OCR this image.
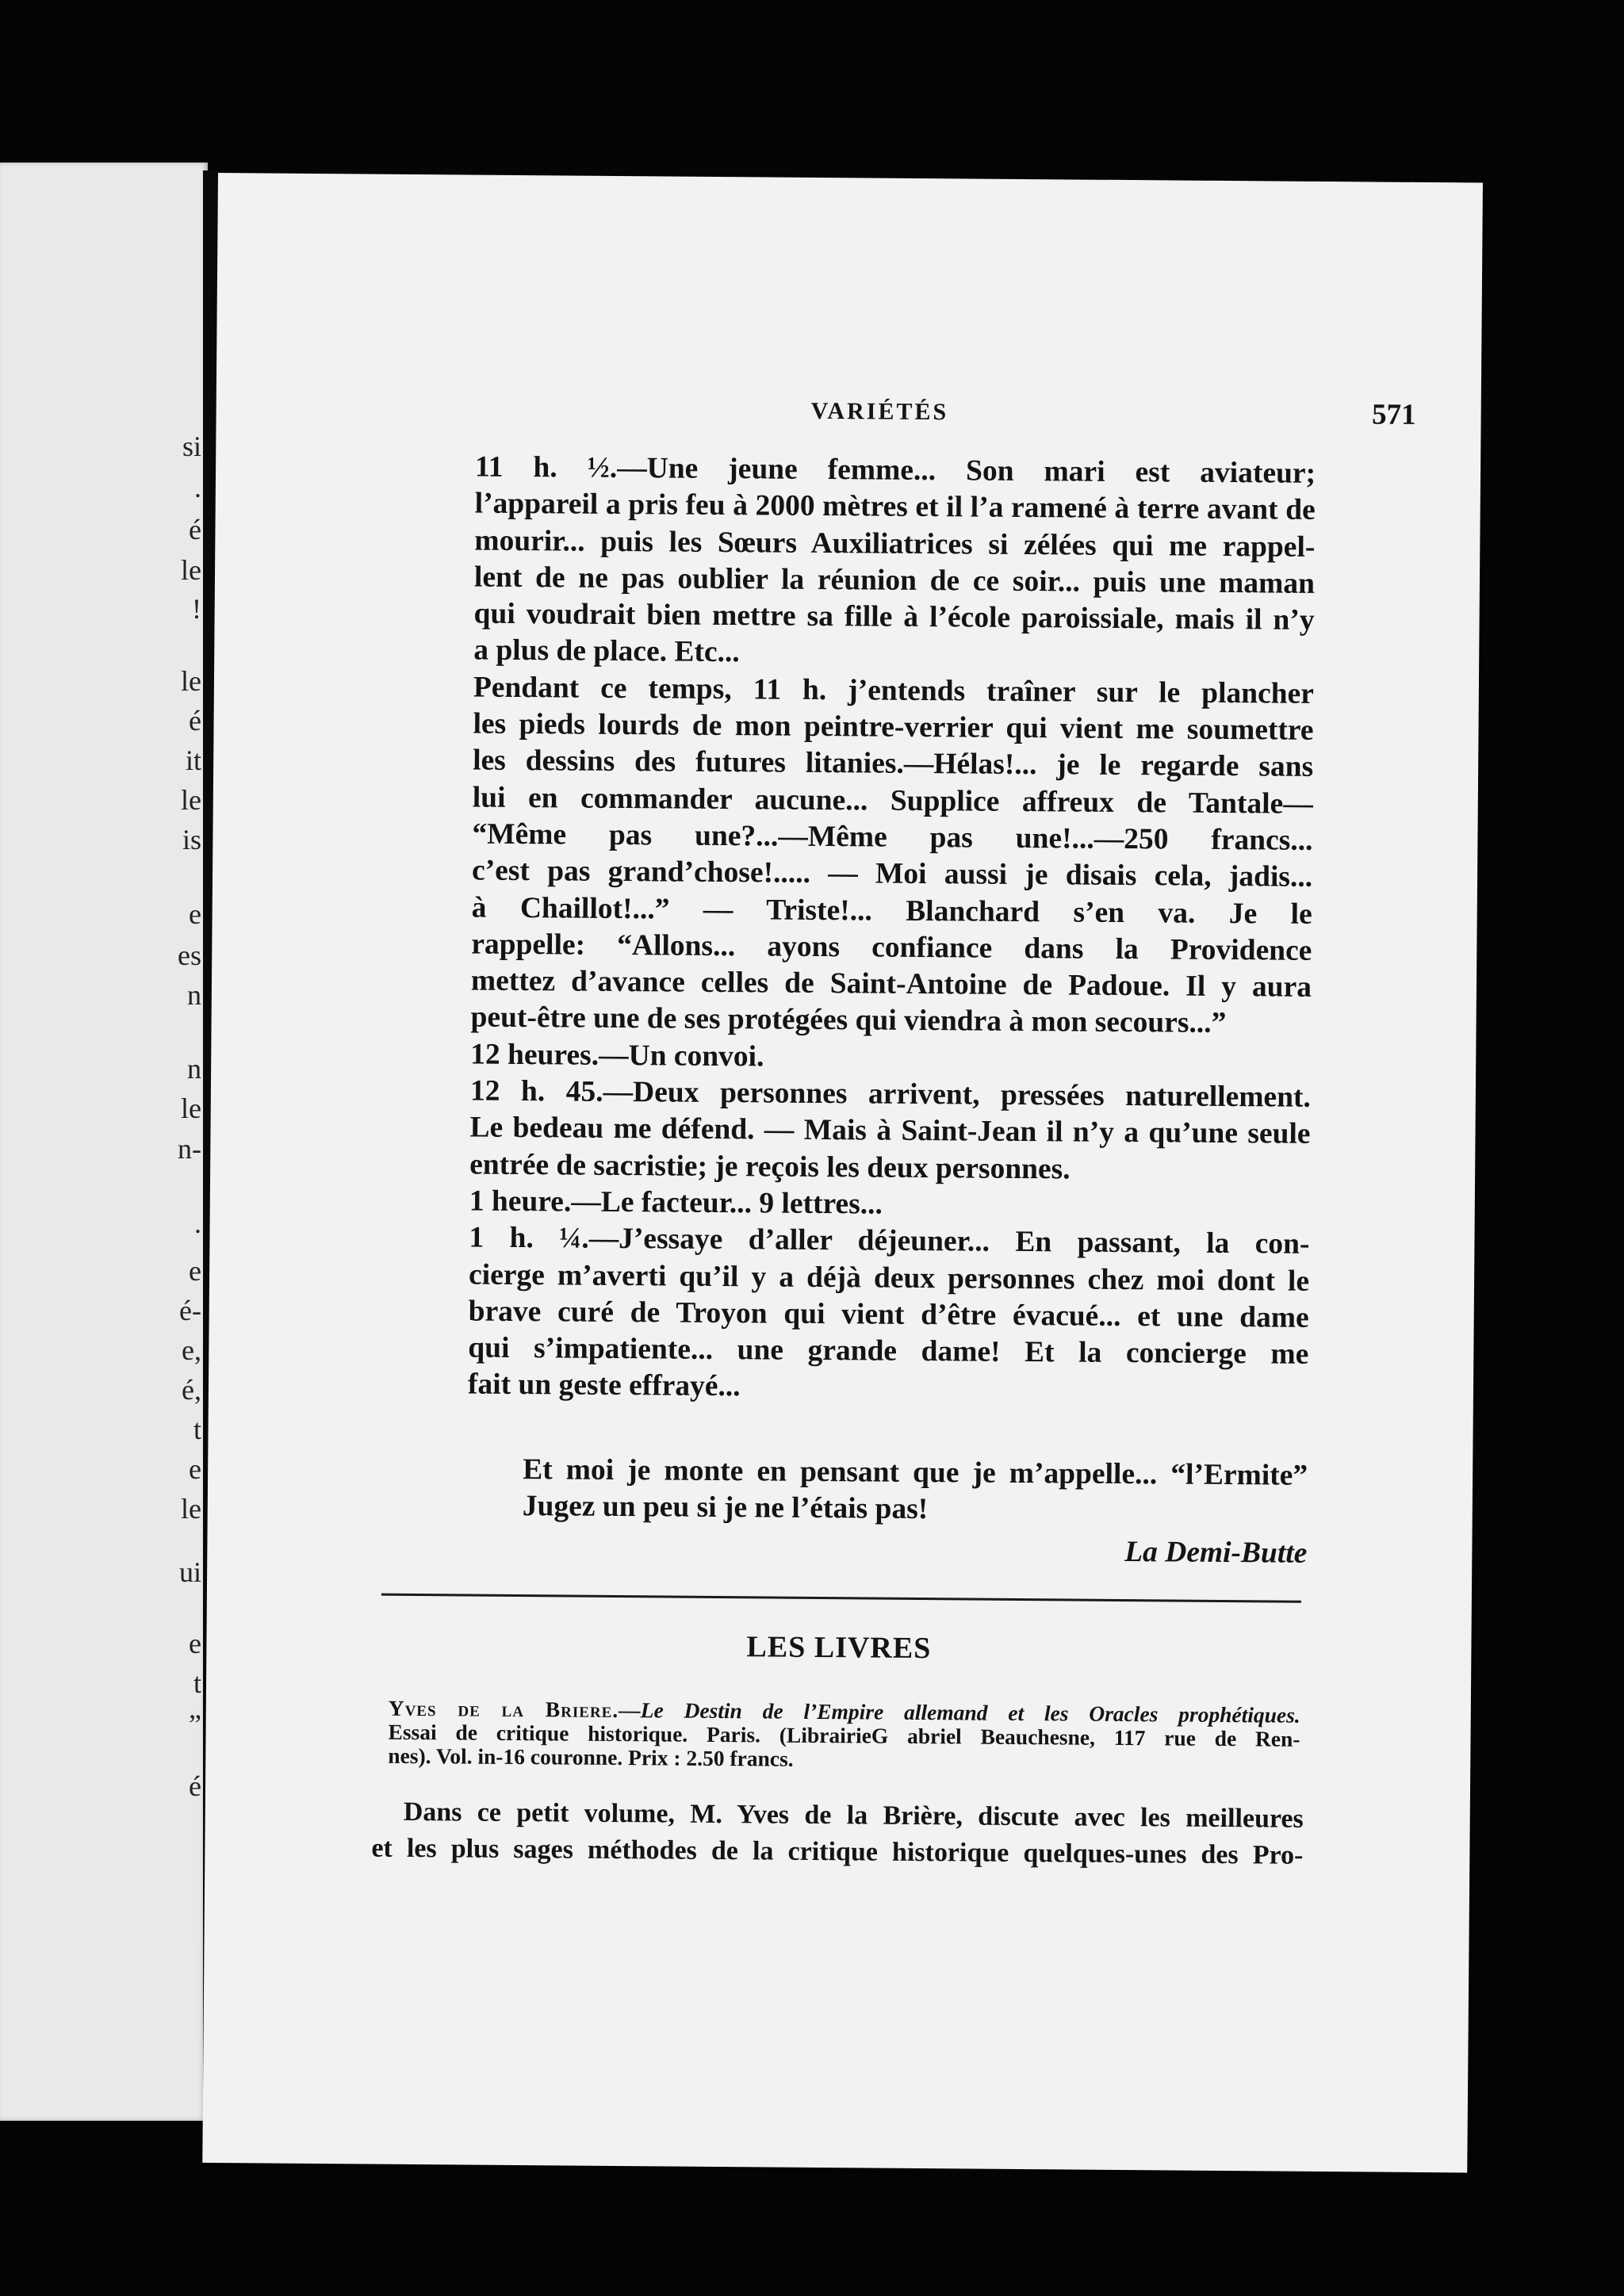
si
.
é
le
!
le
é
it
le
is
e
es
n
n
le
n-
.
e
é-
e,
é,
t
e
le
ui
e
t
”
é
VARIÉTÉS	571
11 h. ½.—Une jeune femme... Son mari est aviateur;
l’appareil a pris feu à 2000 mètres et il l’a ramené à terre avant de
mourir... puis les Sœurs Auxiliatrices si zélées qui me rappel-
lent de ne pas oublier la réunion de ce soir... puis une maman
qui voudrait bien mettre sa fille à l’école paroissiale, mais il n’y
a plus de place. Etc...
Pendant ce temps, 11 h. j’entends traîner sur le plancher
les pieds lourds de mon peintre-verrier qui vient me soumettre
les dessins des futures litanies.—Hélas!... je le regarde sans
lui en commander aucune... Supplice affreux de Tantale—
“Même pas une?...—Même pas une!...—250 francs...
c’est pas grand’chose!..... — Moi aussi je disais cela, jadis...
à Chaillot!...” — Triste!... Blanchard s’en va. Je le
rappelle: “Allons... ayons confiance dans la Providence
mettez d’avance celles de Saint-Antoine de Padoue. Il y aura
peut-être une de ses protégées qui viendra à mon secours...”
12 heures.—Un convoi.
12 h. 45.—Deux personnes arrivent, pressées naturellement.
Le bedeau me défend. — Mais à Saint-Jean il n’y a qu’une seule
entrée de sacristie; je reçois les deux personnes.
1 heure.—Le facteur... 9 lettres...
1 h. ¼.—J’essaye d’aller déjeuner... En passant, la con-
cierge m’averti qu’il y a déjà deux personnes chez moi dont le
brave curé de Troyon qui vient d’être évacué... et une dame
qui s’impatiente... une grande dame! Et la concierge me
fait un geste effrayé...
Et moi je monte en pensant que je m’appelle... “l’Ermite”
Jugez un peu si je ne l’étais pas!
La Demi-Butte
LES LIVRES
Yves de la Briere.—Le Destin de l’Empire allemand et les Oracles prophétiques.
Essai de critique historique. Paris. (LibrairieG abriel Beauchesne, 117 rue de Ren-
nes). Vol. in-16 couronne. Prix : 2.50 francs.
Dans ce petit volume, M. Yves de la Brière, discute avec les meilleures
et les plus sages méthodes de la critique historique quelques-unes des Pro-
